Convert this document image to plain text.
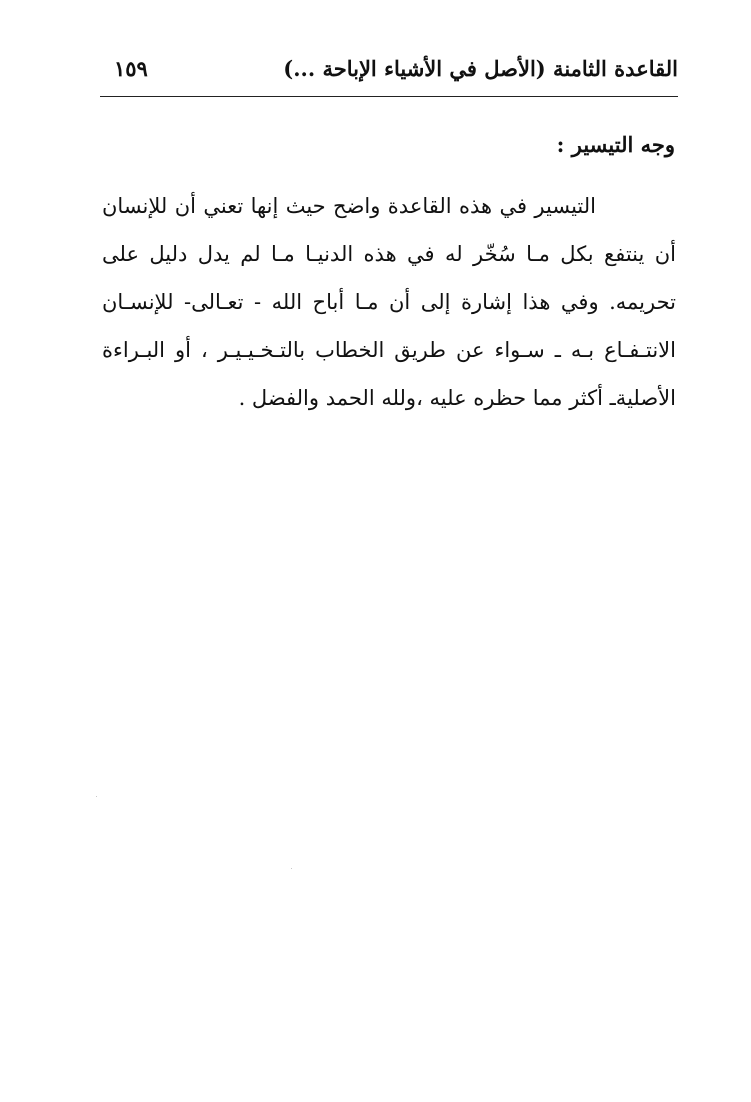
القاعدة الثامنة (الأصل في الأشياء الإباحة ...)
١٥٩
وجه التيسير :
التيسير في هذه القاعدة واضح حيث إنها تعني أن للإنسان
أن ينتفع بكل مـا سُخّر له في هذه الدنيـا مـا لم يدل دليل على
تحريمه. وفي هذا إشارة إلى أن مـا أباح الله - تعـالى- للإنسـان
الانتـفـاع بـه ـ سـواء عن طريق الخطاب بالتـخـيـيـر ، أو البـراءة
الأصليةـ أكثر مما حظره عليه ،ولله الحمد والفضل .
